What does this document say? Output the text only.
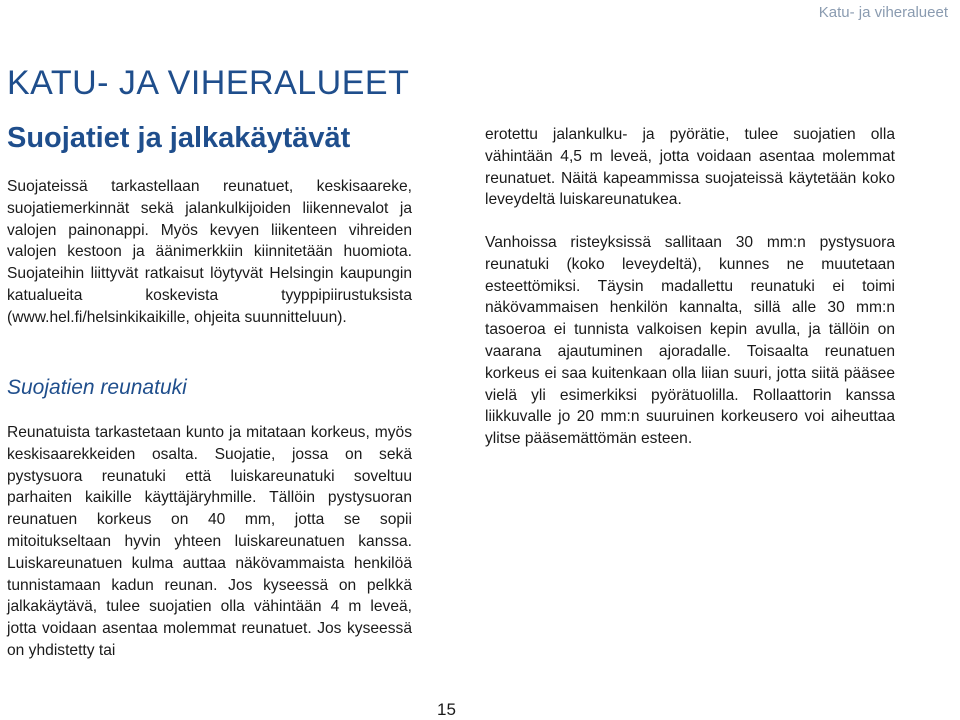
Katu- ja viheralueet
KATU- JA VIHERALUEET
Suojatiet ja jalkakäytävät

Suojateissä tarkastellaan reunatuet, keskisaareke, suojatiemerkinnät sekä jalankulkijoiden liikennevalot ja valojen painonappi. Myös kevyen liikenteen vihreiden valojen kestoon ja äänimerkkiin kiinnitetään huomiota. Suojateihin liittyvät ratkaisut löytyvät Helsingin kaupungin katualueita koskevista tyyppipiirustuksista (www.hel.fi/helsinkikaikille, ohjeita suunnitteluun).

Suojatien reunatuki

Reunatuista tarkastetaan kunto ja mitataan korkeus, myös keskisaarekkeiden osalta. Suojatie, jossa on sekä pystysuora reunatuki että luiskareunatuki soveltuu parhaiten kaikille käyttäjäryhmille. Tällöin pystysuoran reunatuen korkeus on 40 mm, jotta se sopii mitoitukseltaan hyvin yhteen luiskareunatuen kanssa. Luiskareunatuen kulma auttaa näkövammaista henkilöä tunnistamaan kadun reunan. Jos kyseessä on pelkkä jalkakäytävä, tulee suojatien olla vähintään 4 m leveä, jotta voidaan asentaa molemmat reunatuet. Jos kyseessä on yhdistetty tai

erotettu jalankulku- ja pyörätie, tulee suojatien olla vähintään 4,5 m leveä, jotta voidaan asentaa molemmat reunatuet. Näitä kapeammissa suojateissä käytetään koko leveydeltä luiskareunatukea.

Vanhoissa risteyksissä sallitaan 30 mm:n pystysuora reunatuki (koko leveydeltä), kunnes ne muutetaan esteettömiksi. Täysin madallettu reunatuki ei toimi näkövammaisen henkilön kannalta, sillä alle 30 mm:n tasoeroa ei tunnista valkoisen kepin avulla, ja tällöin on vaarana ajautuminen ajoradalle. Toisaalta reunatuen korkeus ei saa kuitenkaan olla liian suuri, jotta siitä pääsee vielä yli esimerkiksi pyörätuolilla. Rollaattorin kanssa liikkuvalle jo 20 mm:n suuruinen korkeusero voi aiheuttaa ylitse pääsemättömän esteen.

15
